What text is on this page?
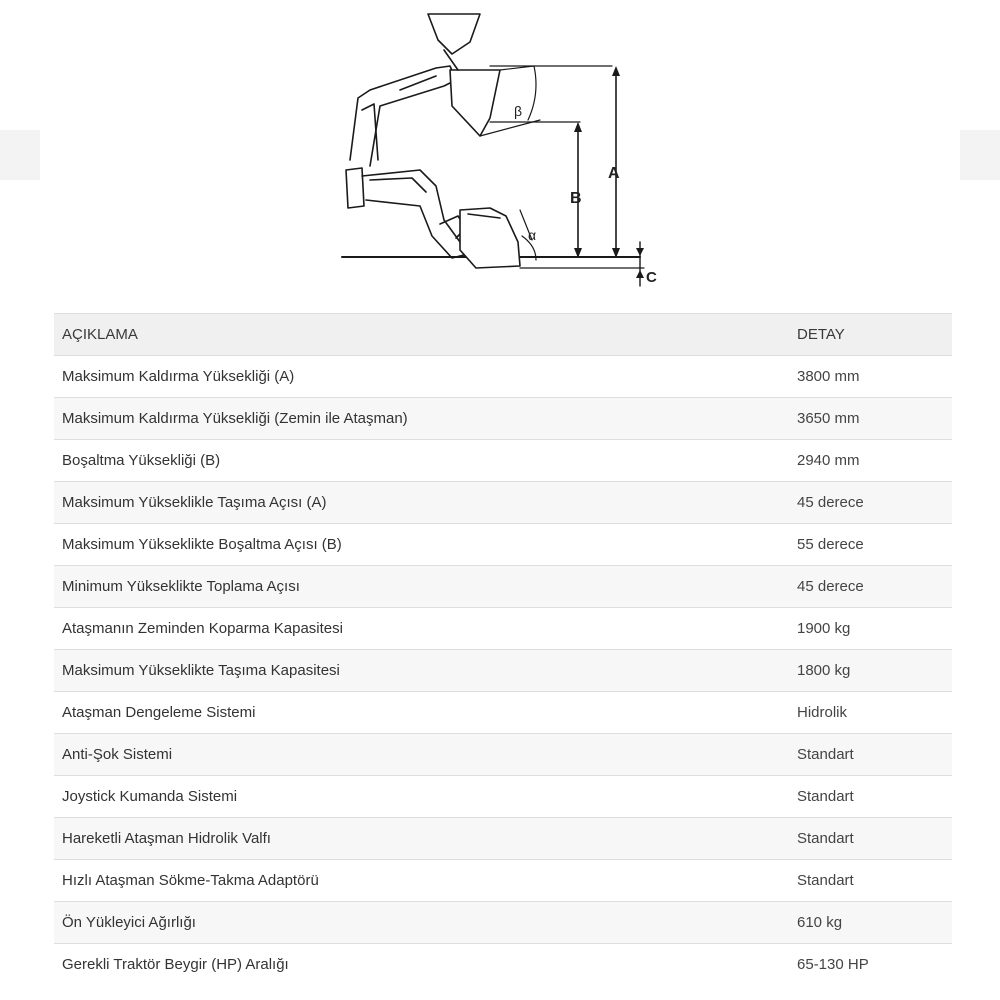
A
B
C
β
α
AÇIKLAMA	DETAY
Maksimum Kaldırma Yüksekliği (A)	3800 mm
Maksimum Kaldırma Yüksekliği (Zemin ile Ataşman)	3650 mm
Boşaltma Yüksekliği (B)	2940 mm
Maksimum Yükseklikle Taşıma Açısı (A)	45 derece
Maksimum Yükseklikte Boşaltma Açısı (B)	55 derece
Minimum Yükseklikte Toplama Açısı	45 derece
Ataşmanın Zeminden Koparma Kapasitesi	1900 kg
Maksimum Yükseklikte Taşıma Kapasitesi	1800 kg
Ataşman Dengeleme Sistemi	Hidrolik
Anti-Şok Sistemi	Standart
Joystick Kumanda Sistemi	Standart
Hareketli Ataşman Hidrolik Valfı	Standart
Hızlı Ataşman Sökme-Takma Adaptörü	Standart
Ön Yükleyici Ağırlığı	610 kg
Gerekli Traktör Beygir (HP) Aralığı	65-130 HP
